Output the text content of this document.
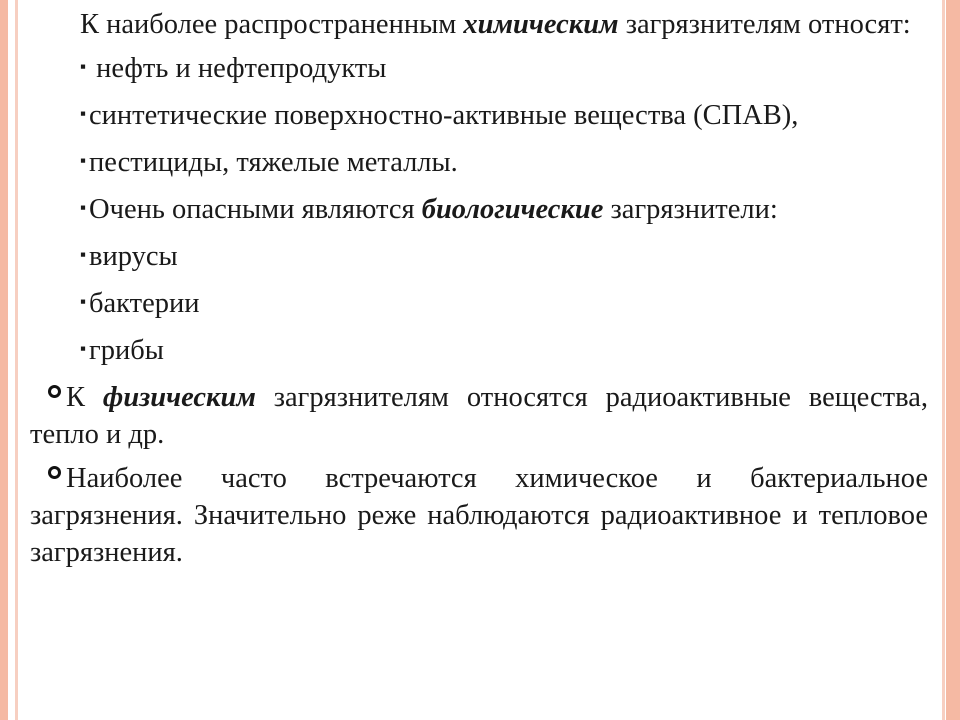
К наиболее распространенным химическим загрязнителям относят:
▪ нефть и нефтепродукты
▪ синтетические поверхностно-активные вещества (СПАВ),
▪ пестициды, тяжелые металлы.
▪ Очень опасными являются биологические загрязнители:
▪ вирусы
▪ бактерии
▪ грибы
К физическим загрязнителям относятся радиоактивные вещества, тепло и др.
Наиболее часто встречаются химическое и бактериальное загрязнения. Значительно реже наблюдаются радиоактивное и тепловое загрязнения.
